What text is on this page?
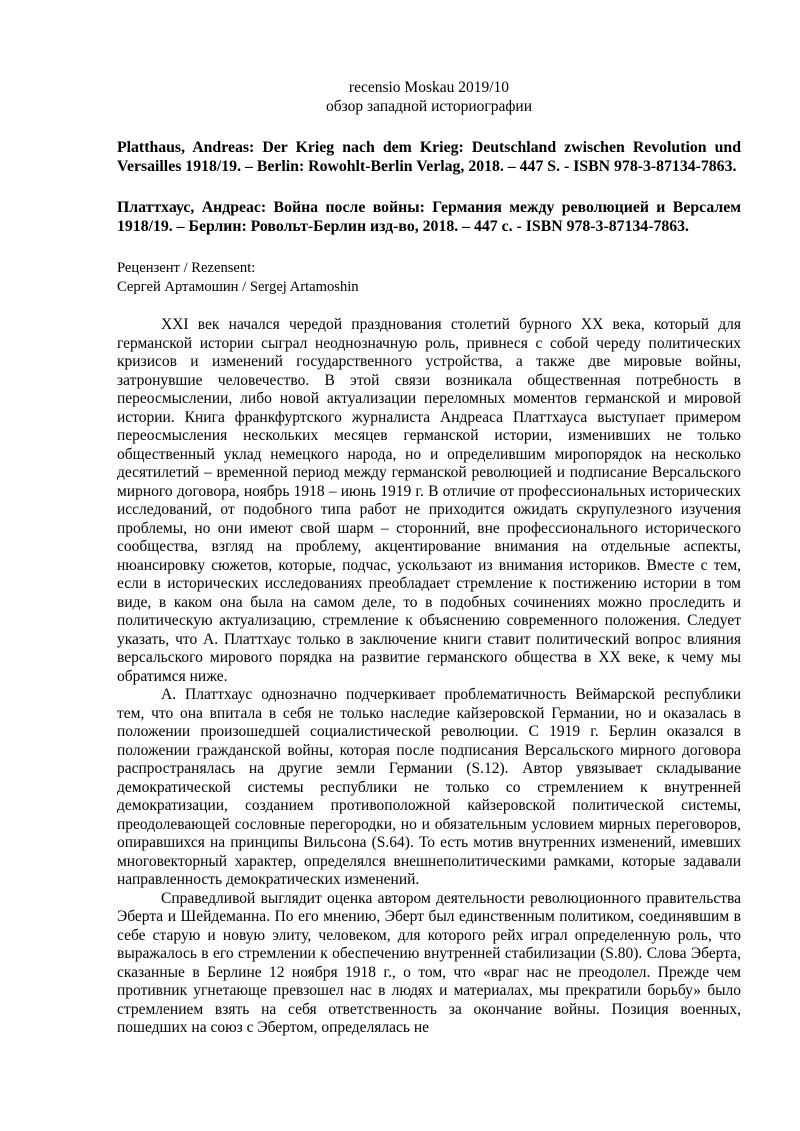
recensio Moskau 2019/10
обзор западной историографии
Platthaus, Andreas: Der Krieg nach dem Krieg: Deutschland zwischen Revolution und Versailles 1918/19. – Berlin: Rowohlt-Berlin Verlag, 2018. – 447 S. - ISBN 978-3-87134-7863.
Платтхаус, Андреас: Война после войны: Германия между революцией и Версалем 1918/19. – Берлин: Ровольт-Берлин изд-во, 2018. – 447 с. - ISBN 978-3-87134-7863.
Рецензент / Rezensent:
Сергей Артамошин / Sergej Artamoshin

XXI век начался чередой празднования столетий бурного XX века, который для германской истории сыграл неоднозначную роль, привнеся с собой череду политических кризисов и изменений государственного устройства, а также две мировые войны, затронувшие человечество. В этой связи возникала общественная потребность в переосмыслении, либо новой актуализации переломных моментов германской и мировой истории. Книга франкфуртского журналиста Андреаса Платтхауса выступает примером переосмысления нескольких месяцев германской истории, изменивших не только общественный уклад немецкого народа, но и определившим миропорядок на несколько десятилетий – временной период между германской революцией и подписание Версальского мирного договора, ноябрь 1918 – июнь 1919 г. В отличие от профессиональных исторических исследований, от подобного типа работ не приходится ожидать скрупулезного изучения проблемы, но они имеют свой шарм – сторонний, вне профессионального исторического сообщества, взгляд на проблему, акцентирование внимания на отдельные аспекты, нюансировку сюжетов, которые, подчас, ускользают из внимания историков. Вместе с тем, если в исторических исследованиях преобладает стремление к постижению истории в том виде, в каком она была на самом деле, то в подобных сочинениях можно проследить и политическую актуализацию, стремление к объяснению современного положения. Следует указать, что А. Платтхаус только в заключение книги ставит политический вопрос влияния версальского мирового порядка на развитие германского общества в XX веке, к чему мы обратимся ниже.

А. Платтхаус однозначно подчеркивает проблематичность Веймарской республики тем, что она впитала в себя не только наследие кайзеровской Германии, но и оказалась в положении произошедшей социалистической революции. С 1919 г. Берлин оказался в положении гражданской войны, которая после подписания Версальского мирного договора распространялась на другие земли Германии (S.12). Автор увязывает складывание демократической системы республики не только со стремлением к внутренней демократизации, созданием противоположной кайзеровской политической системы, преодолевающей сословные перегородки, но и обязательным условием мирных переговоров, опиравшихся на принципы Вильсона (S.64). То есть мотив внутренних изменений, имевших многовекторный характер, определялся внешнеполитическими рамками, которые задавали направленность демократических изменений.

Справедливой выглядит оценка автором деятельности революционного правительства Эберта и Шейдеманна. По его мнению, Эберт был единственным политиком, соединявшим в себе старую и новую элиту, человеком, для которого рейх играл определенную роль, что выражалось в его стремлении к обеспечению внутренней стабилизации (S.80). Слова Эберта, сказанные в Берлине 12 ноября 1918 г., о том, что «враг нас не преодолел. Прежде чем противник угнетающе превзошел нас в людях и материалах, мы прекратили борьбу» было стремлением взять на себя ответственность за окончание войны. Позиция военных, пошедших на союз с Эбертом, определялась не
